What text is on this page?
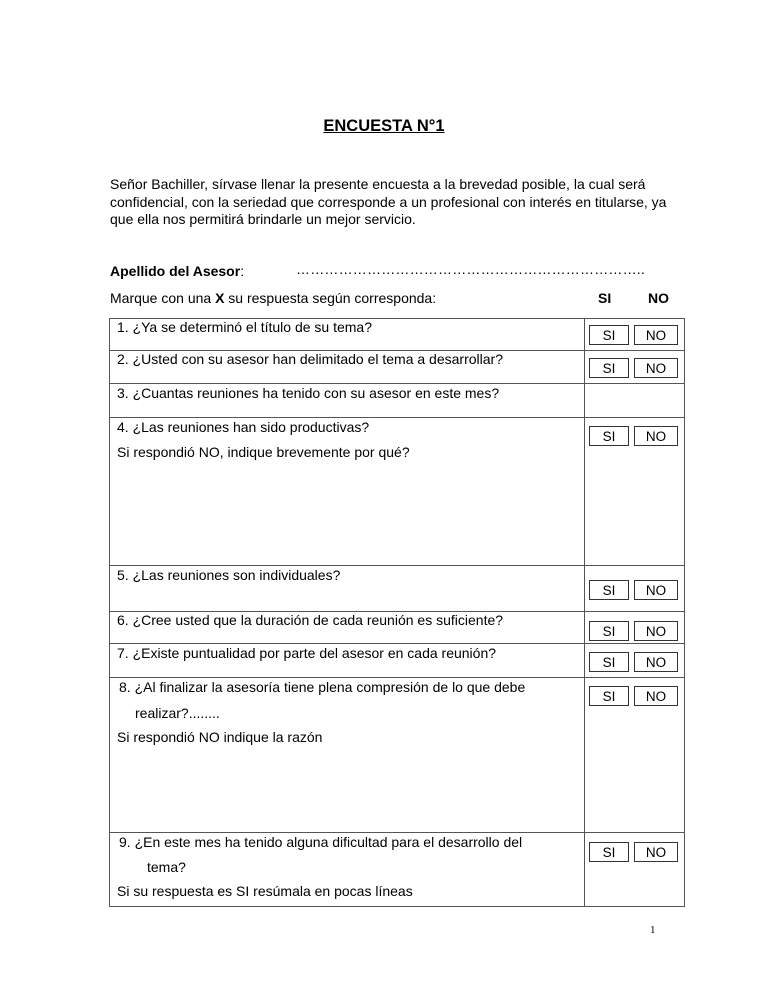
ENCUESTA N°1
Señor Bachiller, sírvase llenar la presente encuesta a la brevedad posible, la cual será confidencial, con la seriedad que corresponde a un profesional con interés en titularse, ya que ella nos permitirá brindarle un mejor servicio.
Apellido del Asesor:	………………………………………………………………..
Marque con una X su respuesta según corresponda:	SI	NO
1. ¿Ya se determinó el título de su tema?
SI	NO
2. ¿Usted con su asesor han delimitado el tema a desarrollar?
SI	NO
3. ¿Cuantas reuniones ha tenido con su asesor en este mes?
4. ¿Las reuniones han sido productivas?
Si respondió NO, indique brevemente por qué?
SI	NO
5. ¿Las reuniones son individuales?
SI	NO
6. ¿Cree usted que la duración de cada reunión es suficiente?
SI	NO
7. ¿Existe puntualidad por parte del asesor en cada reunión?
SI	NO
8. ¿Al finalizar la asesoría tiene plena compresión de lo que debe
realizar?........
Si respondió NO indique la razón
SI	NO
9. ¿En este mes ha tenido alguna dificultad para el desarrollo del
tema?
Si su respuesta es SI resúmala en pocas líneas
SI	NO
1
